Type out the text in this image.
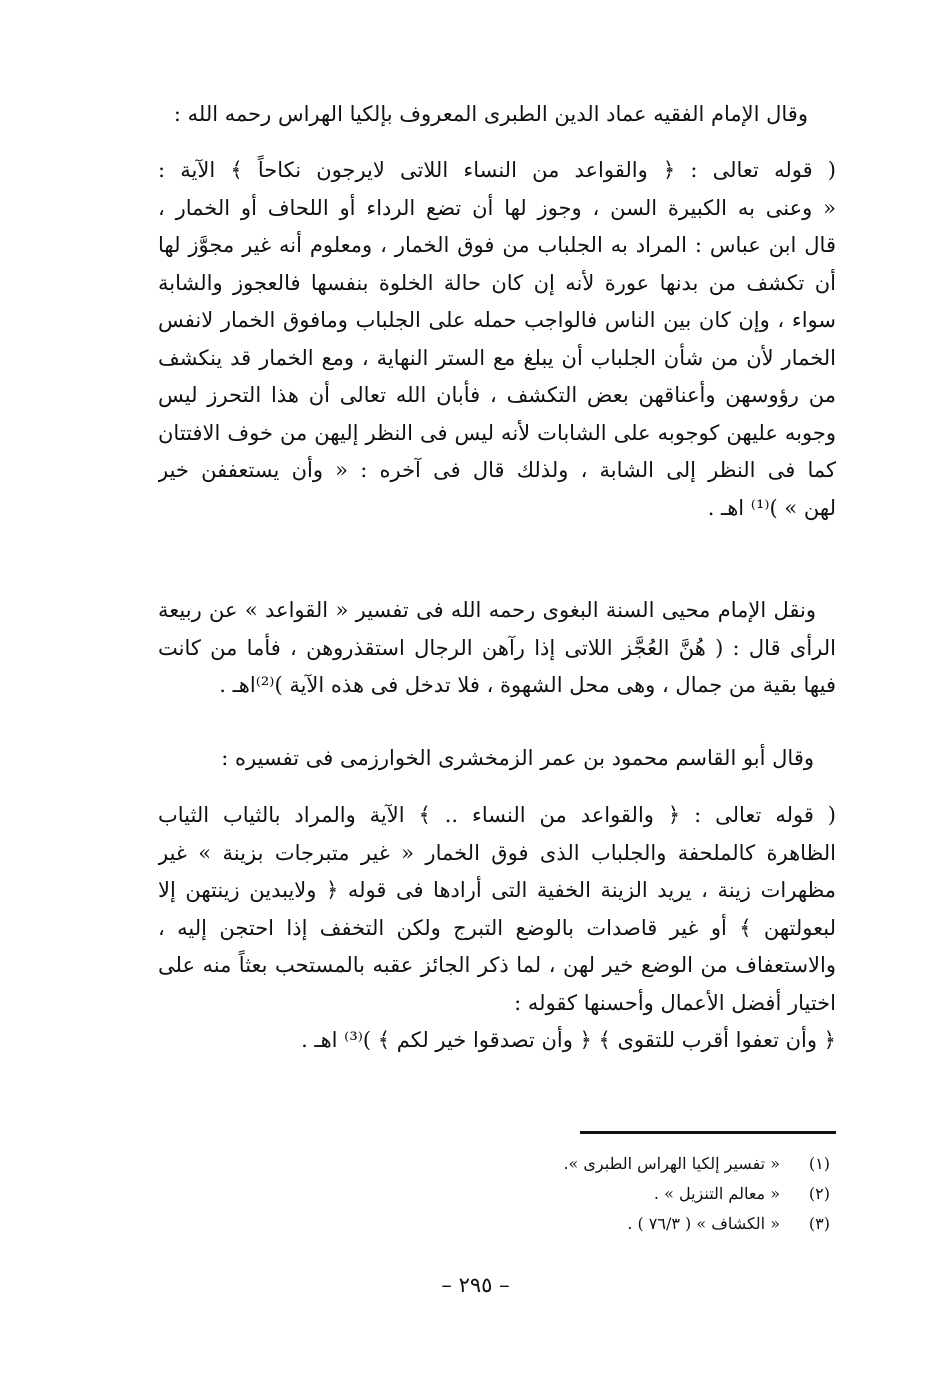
وقال الإمام الفقيه عماد الدين الطبرى المعروف بإلكيا الهراس رحمه الله :
( قوله تعالى : ﴿ والقواعد من النساء اللاتى لايرجون نكاحاً ﴾ الآية :
« وعنى به الكبيرة السن ، وجوز لها أن تضع الرداء أو اللحاف أو الخمار ،
قال ابن عباس : المراد به الجلباب من فوق الخمار ، ومعلوم أنه غير مجوَّز لها
أن تكشف من بدنها عورة لأنه إن كان حالة الخلوة بنفسها فالعجوز والشابة
سواء ، وإن كان بين الناس فالواجب حمله على الجلباب ومافوق الخمار لانفس
الخمار لأن من شأن الجلباب أن يبلغ مع الستر النهاية ، ومع الخمار قد ينكشف
من رؤوسهن وأعناقهن بعض التكشف ، فأبان الله تعالى أن هذا التحرز ليس
وجوبه عليهن كوجوبه على الشابات لأنه ليس فى النظر إليهن من خوف الافتتان
كما فى النظر إلى الشابة ، ولذلك قال فى آخره : « وأن يستعففن خير
لهن » )⁽¹⁾ اهـ .
ونقل الإمام محيى السنة البغوى رحمه الله فى تفسير « القواعد » عن ربيعة
الرأى قال : ( هُنَّ العُجَّز اللاتى إذا رآهن الرجال استقذروهن ، فأما من كانت
فيها بقية من جمال ، وهى محل الشهوة ، فلا تدخل فى هذه الآية )⁽²⁾اهـ .
وقال أبو القاسم محمود بن عمر الزمخشرى الخوارزمى فى تفسيره :
( قوله تعالى : ﴿ والقواعد من النساء .. ﴾ الآية والمراد بالثياب الثياب
الظاهرة كالملحفة والجلباب الذى فوق الخمار « غير متبرجات بزينة » غير
مظهرات زينة ، يريد الزينة الخفية التى أرادها فى قوله ﴿ ولايبدين زينتهن إلا
لبعولتهن ﴾ أو غير قاصدات بالوضع التبرج ولكن التخفف إذا احتجن إليه ،
والاستعفاف من الوضع خير لهن ، لما ذكر الجائز عقبه بالمستحب بعثاً منه على
اختيار أفضل الأعمال وأحسنها كقوله :
﴿ وأن تعفوا أقرب للتقوى ﴾ ﴿ وأن تصدقوا خير لكم ﴾ )⁽³⁾ اهـ .
(١)
« تفسير إلكيا الهراس الطبرى ».
(٢)
« معالم التنزيل » .
(٣)
« الكشاف » ( ٧٦/٣ ) .
– ٢٩٥ –
